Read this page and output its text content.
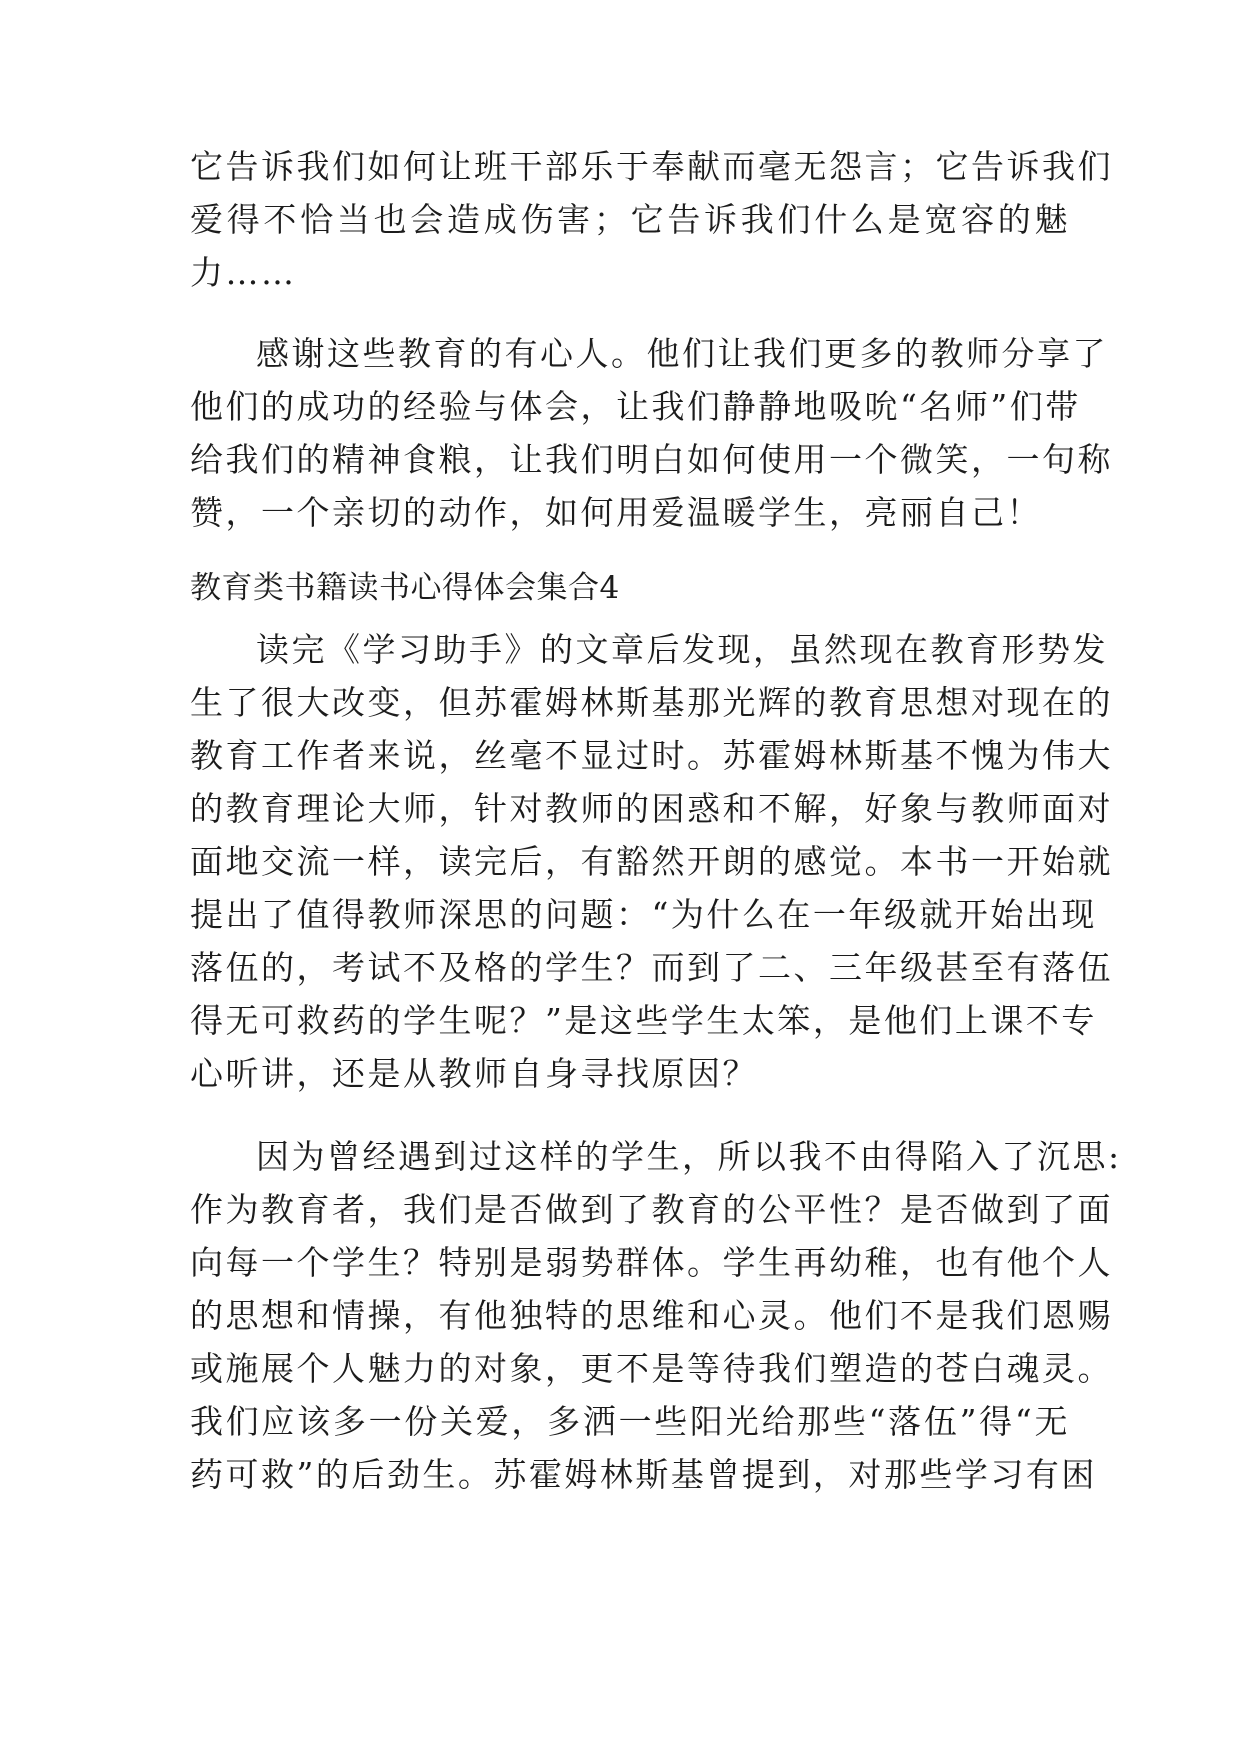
它告诉我们如何让班干部乐于奉献而毫无怨言；它告诉我们
爱得不恰当也会造成伤害；它告诉我们什么是宽容的魅
力……
感谢这些教育的有心人。他们让我们更多的教师分享了
他们的成功的经验与体会，让我们静静地吸吮“名师”们带
给我们的精神食粮，让我们明白如何使用一个微笑，一句称
赞，一个亲切的动作，如何用爱温暖学生，亮丽自己！
教育类书籍读书心得体会集合4
读完《学习助手》的文章后发现，虽然现在教育形势发
生了很大改变，但苏霍姆林斯基那光辉的教育思想对现在的
教育工作者来说，丝毫不显过时。苏霍姆林斯基不愧为伟大
的教育理论大师，针对教师的困惑和不解，好象与教师面对
面地交流一样，读完后，有豁然开朗的感觉。本书一开始就
提出了值得教师深思的问题：“为什么在一年级就开始出现
落伍的，考试不及格的学生？而到了二、三年级甚至有落伍
得无可救药的学生呢？”是这些学生太笨，是他们上课不专
心听讲，还是从教师自身寻找原因？
因为曾经遇到过这样的学生，所以我不由得陷入了沉思:
作为教育者，我们是否做到了教育的公平性？是否做到了面
向每一个学生？特别是弱势群体。学生再幼稚，也有他个人
的思想和情操，有他独特的思维和心灵。他们不是我们恩赐
或施展个人魅力的对象，更不是等待我们塑造的苍白魂灵。
我们应该多一份关爱，多洒一些阳光给那些“落伍”得“无
药可救”的后劲生。苏霍姆林斯基曾提到，对那些学习有困
